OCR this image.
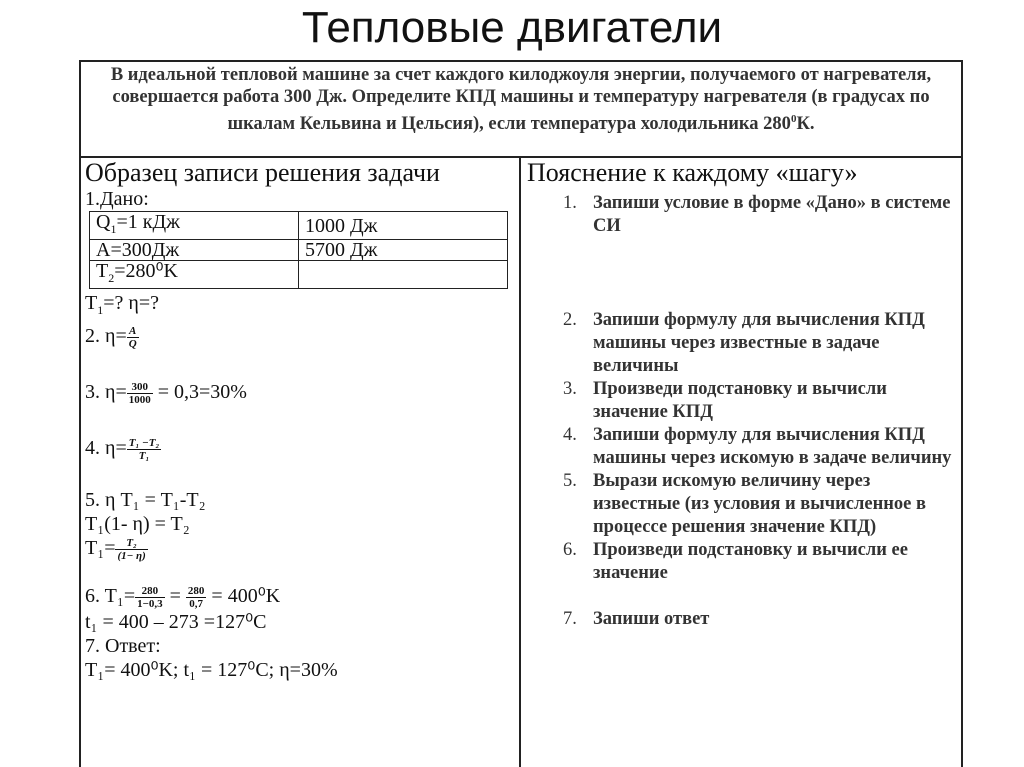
Тепловые двигатели
В идеальной тепловой машине за счет каждого килоджоуля энергии, получаемого от нагревателя, совершается работа 300 Дж. Определите КПД машины и температуру нагревателя (в градусах по шкалам Кельвина и Цельсия), если температура холодильника $280^0К$.
Образец записи решения задачи
1.Дано:
$Q_1=1$ кДж	1000 Дж
A=300Дж	5700 Дж
$T_2=280^0K$	
$T_1=$? η=?
2. $\eta= \frac{A}{Q}$
3. $\eta= \frac{300}{1000} = 0,3=30\%$
4. $\eta= \frac{\text{T₁ −T₂}}{\text{T₁}}$
5. η T₁ = T₁-T₂
T₁(1- η) = T₂
$T_1= \frac{\text{T₂}}{(1- \eta)}$
6. $T_1= \frac{280}{1-0,3} = \frac{280}{0,7} = 400^0K$
t₁ = 400 – 273 =127⁰C
7. Ответ:
T₁= 400⁰K; t₁ = 127⁰C; η=30%
Пояснение к каждому «шагу»
1. Запиши условие в форме «Дано» в системе СИ
2. Запиши формулу для вычисления КПД машины через известные в задаче величины
3. Произведи подстановку и вычисли значение КПД
4. Запиши формулу для вычисления КПД машины через искомую в задаче величину
5. Вырази искомую величину через известные (из условия и вычисленное в процессе решения значение КПД)
6. Произведи подстановку и вычисли ее значение
7. Запиши ответ
